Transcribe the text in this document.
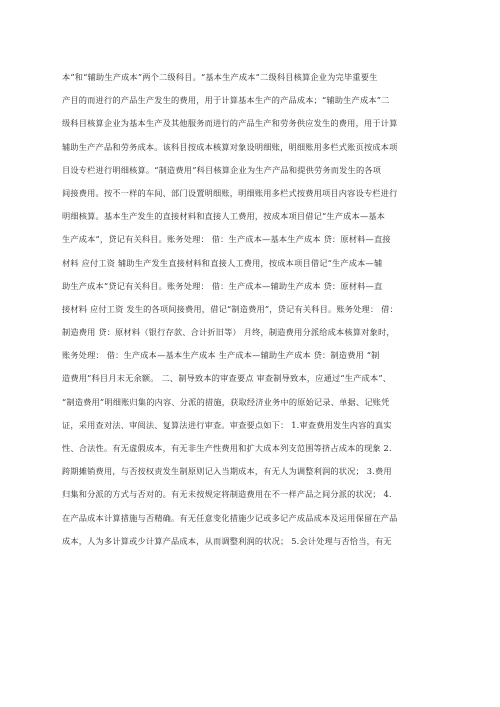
本”和“辅助生产成本”两个二级科目。“基本生产成本”二级科目核算企业为完毕重要生
产目的而进行的产品生产发生的费用，用于计算基本生产的产品成本；“辅助生产成本”二
级科目核算企业为基本生产及其他服务而进行的产品生产和劳务供应发生的费用，用于计算
辅助生产产品和劳务成本。该科目按成本核算对象设明细账，明细账用多栏式账页按成本项
目设专栏进行明细核算。“制造费用”科目核算企业为生产产品和提供劳务而发生的各项
间接费用。按不一样的车间、部门设置明细账，明细账用多栏式按费用项目内容设专栏进行
明细核算。基本生产发生的直接材料和直接人工费用，按成本项目借记“生产成本—基本
生产成本”，贷记有关科目。账务处理： 借：生产成本—基本生产成本 贷：原材料—直接
材料 应付工资 辅助生产发生直接材料和直接人工费用，按成本项目借记“生产成本—辅
助生产成本”贷记有关科目。账务处理： 借：生产成本—辅助生产成本 贷：原材料—直
接材料 应付工资 发生的各项间接费用，借记“制造费用”，贷记有关科目。账务处理： 借：
制造费用 贷：原材料（银行存款、合计折旧等） 月终，制造费用分派给成本核算对象时，
账务处理： 借：生产成本—基本生产成本 生产成本—辅助生产成本 贷：制造费用 “制
造费用”科目月末无余额。 二、制导致本的审查要点 审查制导致本，应通过“生产成本”、
“制造费用”明细账归集的内容、分派的措施，获取经济业务中的原始记录、单据、记账凭
证，采用查对法、审阅法、复算法进行审查。审查要点如下： 1.审查费用发生内容的真实
性、合法性。有无虚假成本，有无非生产性费用和扩大成本列支范围等挤占成本的现象 2.
跨期摊销费用，与否按权责发生制原则记入当期成本，有无人为调整利润的状况； 3.费用
归集和分派的方式与否对的。有无未按规定将制造费用在不一样产品之间分派的状况； 4.
在产品成本计算措施与否精确。有无任意变化措施少记或多记产成品成本及运用保留在产品
成本，人为多计算或少计算产品成本，从而调整利润的状况； 5.会计处理与否恰当，有无
